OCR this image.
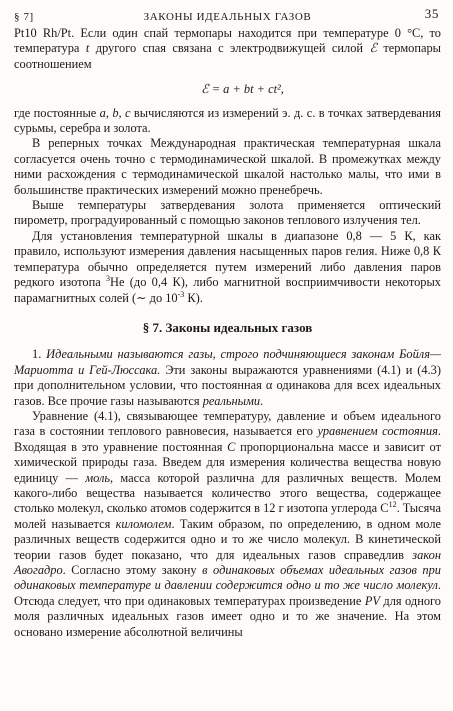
§ 7]	ЗАКОНЫ ИДЕАЛЬНЫХ ГАЗОВ	35

Pt10 Rh/Pt. Если один спай термопары находится при температуре 0 °С, то температура t другого спая связана с электродвижущей силой ℰ термопары соотношением

ℰ = a + bt + ct²,

где постоянные a, b, c вычисляются из измерений э. д. с. в точках затвердевания сурьмы, серебра и золота.

В реперных точках Международная практическая температурная шкала согласуется очень точно с термодинамической шкалой. В промежутках между ними расхождения с термодинамической шкалой настолько малы, что ими в большинстве практических измерений можно пренебречь.

Выше температуры затвердевания золота применяется оптический пирометр, проградуированный с помощью законов теплового излучения тел.

Для установления температурной шкалы в диапазоне 0,8 — 5 К, как правило, используют измерения давления насыщенных паров гелия. Ниже 0,8 К температура обычно определяется путем измерений либо давления паров редкого изотопа $^3$He (до 0,4 К), либо магнитной восприимчивости некоторых парамагнитных солей (∼ до $10^{-3}$ К).

§ 7. Законы идеальных газов

1. Идеальными называются газы, строго подчиняющиеся законам Бойля—Мариотта и Гей-Люссака. Эти законы выражаются уравнениями (4.1) и (4.3) при дополнительном условии, что постоянная α одинакова для всех идеальных газов. Все прочие газы называются реальными.

Уравнение (4.1), связывающее температуру, давление и объем идеального газа в состоянии теплового равновесия, называется его уравнением состояния. Входящая в это уравнение постоянная C пропорциональна массе и зависит от химической природы газа. Введем для измерения количества вещества новую единицу — моль, масса которой различна для различных веществ. Молем какого-либо вещества называется количество этого вещества, содержащее столько молекул, сколько атомов содержится в 12 г изотопа углерода $C^{12}$. Тысяча молей называется киломолем. Таким образом, по определению, в одном моле различных веществ содержится одно и то же число молекул. В кинетической теории газов будет показано, что для идеальных газов справедлив закон Авогадро. Согласно этому закону в одинаковых объемах идеальных газов при одинаковых температуре и давлении содержится одно и то же число молекул. Отсюда следует, что при одинаковых температурах произведение PV для одного моля различных идеальных газов имеет одно и то же значение. На этом основано измерение абсолютной величины
